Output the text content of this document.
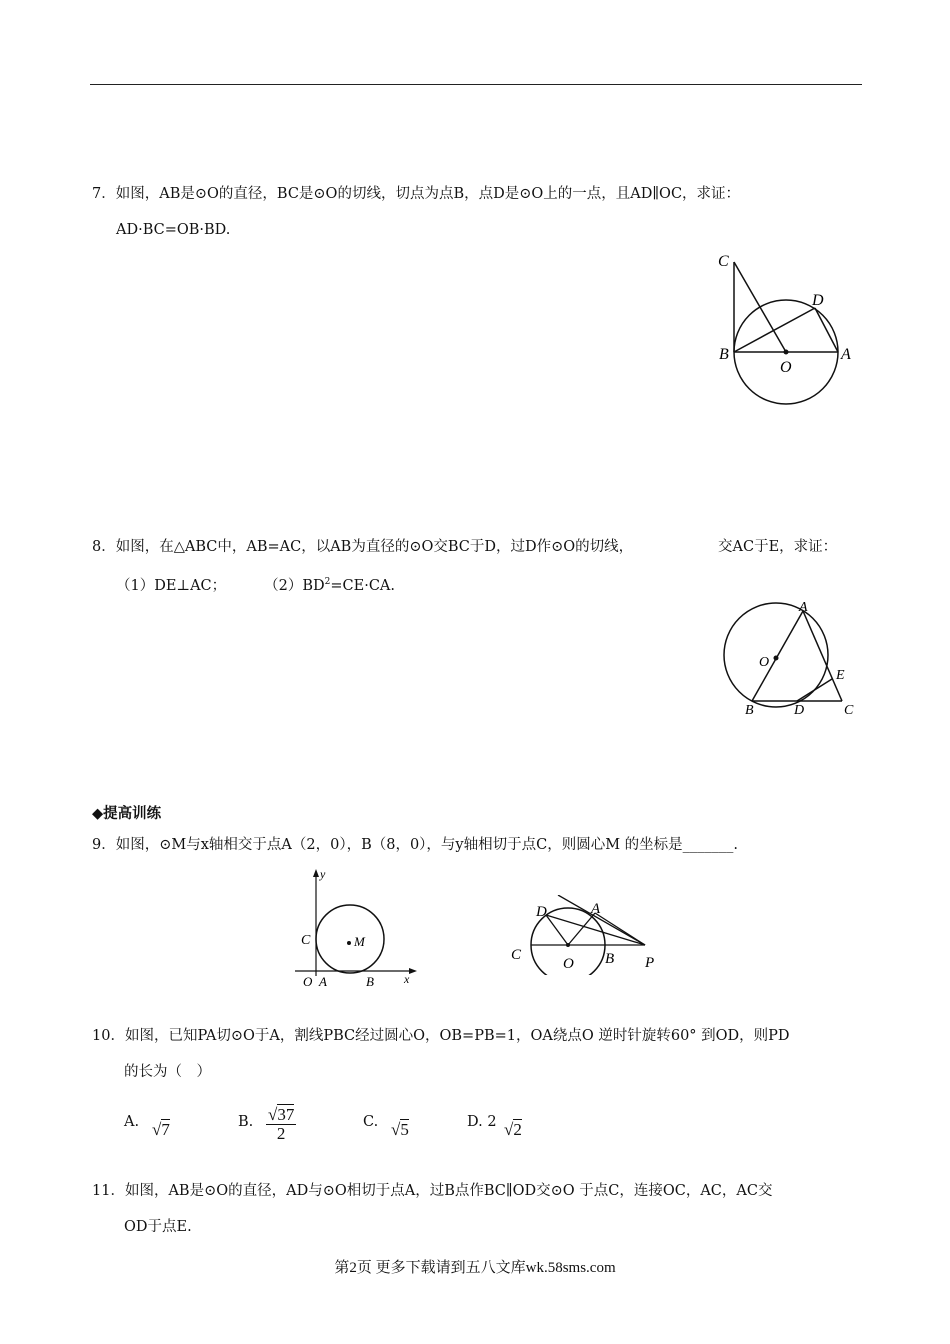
7．如图，AB是⊙O的直径，BC是⊙O的切线，切点为点B，点D是⊙O上的一点，且AD∥OC，求证：
AD·BC=OB·BD.
C
D
B
O
A
8．如图，在△ABC中，AB=AC，以AB为直径的⊙O交BC于D，过D作⊙O的切线，	交AC于E，求证：
（1）DE⊥AC；	$(2)BD^2=CE\cdot CA$.
A
O
E
B	D	C
◆提高训练
9．如图，⊙M与x轴相交于点A（2，0），B（8，0），与y轴相切于点C，则圆心M 的坐标是_______.
y
C	M
O A	B	x
D	A
C
O B P
10．如图，已知PA切⊙O于A，割线PBC经过圆心O，OB=PB=1，OA绕点O 逆时针旋转60° 到OD，则PD
的长为（　）
A. √7	B. √37
2
C. √5	D. 2 √2
11．如图，AB是⊙O的直径，AD与⊙O相切于点A，过B点作BC∥OD交⊙O 于点C，连接OC，AC，AC交
OD于点E.
第2页 更多下载请到五八文库wk.58sms.com
